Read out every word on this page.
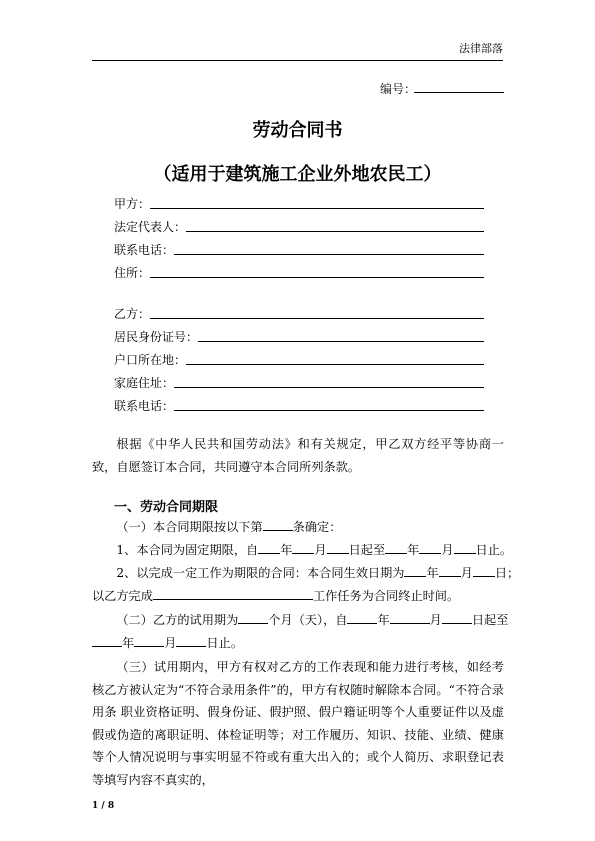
法律部落
编号：
劳动合同书
（适用于建筑施工企业外地农民工）
甲方：
法定代表人：
联系电话：
住所：
乙方：
居民身份证号：
户口所在地：
家庭住址：
联系电话：
根据《中华人民共和国劳动法》和有关规定，甲乙双方经平等协商一致，自愿签订本合同，共同遵守本合同所列条款。
一、劳动合同期限
（一）本合同期限按以下第 条确定：
1、本合同为固定期限，自 年 月 日起至 年 月 日止。
2、以完成一定工作为期限的合同：本合同生效日期为 年 月 日；
以乙方完成	工作任务为合同终止时间。
（二）乙方的试用期为 个月（天），自 年	月 日起至
年 月 日止。
（三）试用期内，甲方有权对乙方的工作表现和能力进行考核，如经考核乙方被认定为“不符合录用条件”的，甲方有权随时解除本合同。“不符合录用条 职业资格证明、假身份证、假护照、假户籍证明等个人重要证件以及虚假或伪造的离职证明、体检证明等；对工作履历、知识、技能、业绩、健康等个人情况说明与事实明显不符或有重大出入的；或个人简历、求职登记表等填写内容不真实的，
1 / 8
